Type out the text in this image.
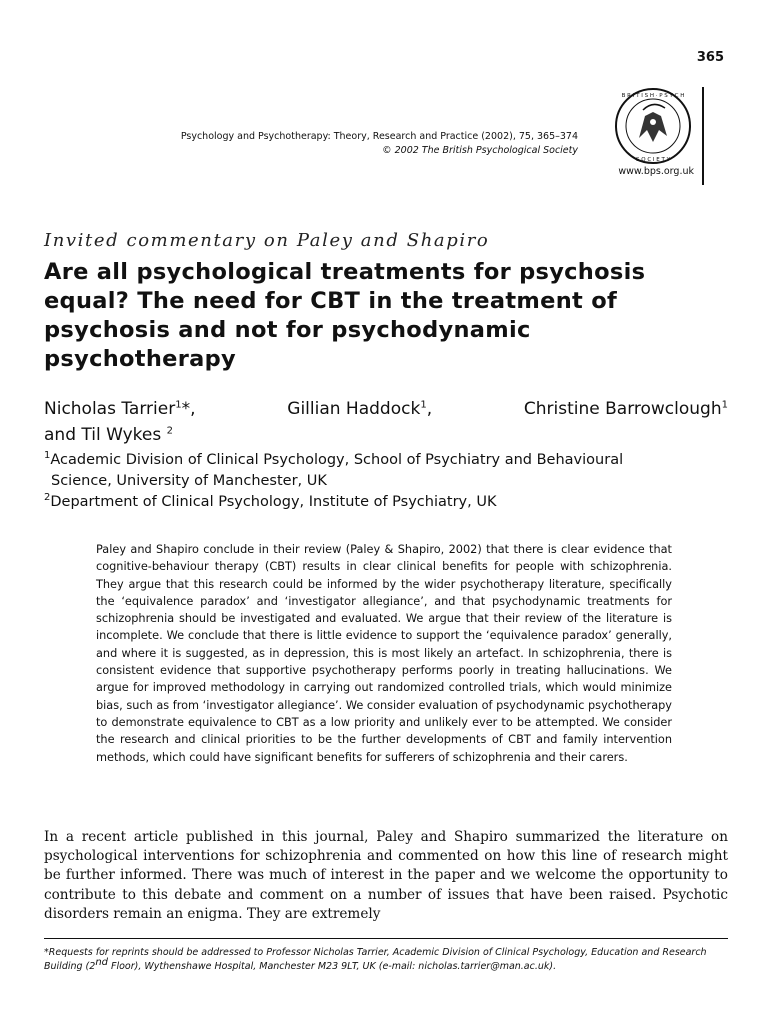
365
B R I T I S H · P S Y C H
S O C I E T Y
Psychology and Psychotherapy: Theory, Research and Practice (2002), 75, 365–374
© 2002 The British Psychological Society
www.bps.org.uk
Invited commentary on Paley and Shapiro
Are all psychological treatments for psychosis equal? The need for CBT in the treatment of psychosis and not for psychodynamic psychotherapy
Nicholas Tarrier$^1$*,	Gillian Haddock$^1$,	Christine Barrowclough$^1$
and Til Wykes $^2$
$^1$Academic Division of Clinical Psychology, School of Psychiatry and Behavioural
Science, University of Manchester, UK
$^2$Department of Clinical Psychology, Institute of Psychiatry, UK
Paley and Shapiro conclude in their review (Paley & Shapiro, 2002) that there is clear evidence that cognitive-behaviour therapy (CBT) results in clear clinical benefits for people with schizophrenia. They argue that this research could be informed by the wider psychotherapy literature, specifically the ‘equivalence paradox’ and ‘investigator allegiance’, and that psychodynamic treatments for schizophrenia should be investigated and evaluated. We argue that their review of the literature is incomplete. We conclude that there is little evidence to support the ‘equivalence paradox’ generally, and where it is suggested, as in depression, this is most likely an artefact. In schizophrenia, there is consistent evidence that supportive psychotherapy performs poorly in treating hallucinations. We argue for improved methodology in carrying out randomized controlled trials, which would minimize bias, such as from ‘investigator allegiance’. We consider evaluation of psychodynamic psychotherapy to demonstrate equivalence to CBT as a low priority and unlikely ever to be attempted. We consider the research and clinical priorities to be the further developments of CBT and family intervention methods, which could have significant benefits for sufferers of schizophrenia and their carers.
In a recent article published in this journal, Paley and Shapiro summarized the literature on psychological interventions for schizophrenia and commented on how this line of research might be further informed. There was much of interest in the paper and we welcome the opportunity to contribute to this debate and comment on a number of issues that have been raised. Psychotic disorders remain an enigma. They are extremely
*Requests for reprints should be addressed to Professor Nicholas Tarrier, Academic Division of Clinical Psychology, Education and Research Building (2nd Floor), Wythenshawe Hospital, Manchester M23 9LT, UK (e-mail: nicholas.tarrier@man.ac.uk).
